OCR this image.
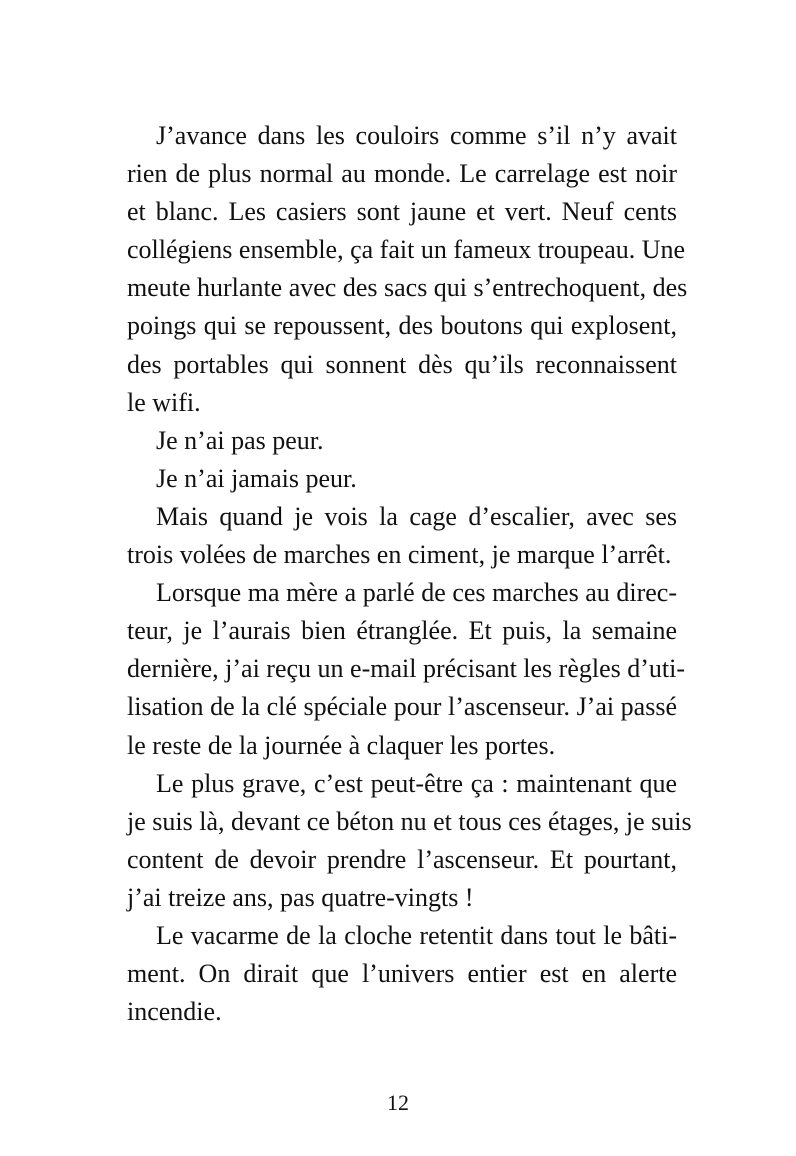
J’avance dans les couloirs comme s’il n’y avait
rien de plus normal au monde. Le carrelage est noir
et blanc. Les casiers sont jaune et vert. Neuf cents
collégiens ensemble, ça fait un fameux troupeau. Une
meute hurlante avec des sacs qui s’entrechoquent, des
poings qui se repoussent, des boutons qui explosent,
des portables qui sonnent dès qu’ils reconnaissent
le wifi.
Je n’ai pas peur.
Je n’ai jamais peur.
Mais quand je vois la cage d’escalier, avec ses
trois volées de marches en ciment, je marque l’arrêt.
Lorsque ma mère a parlé de ces marches au direc-
teur, je l’aurais bien étranglée. Et puis, la semaine
dernière, j’ai reçu un e-mail précisant les règles d’uti-
lisation de la clé spéciale pour l’ascenseur. J’ai passé
le reste de la journée à claquer les portes.
Le plus grave, c’est peut-être ça : maintenant que
je suis là, devant ce béton nu et tous ces étages, je suis
content de devoir prendre l’ascenseur. Et pourtant,
j’ai treize ans, pas quatre-vingts !
Le vacarme de la cloche retentit dans tout le bâti-
ment. On dirait que l’univers entier est en alerte
incendie.
12
